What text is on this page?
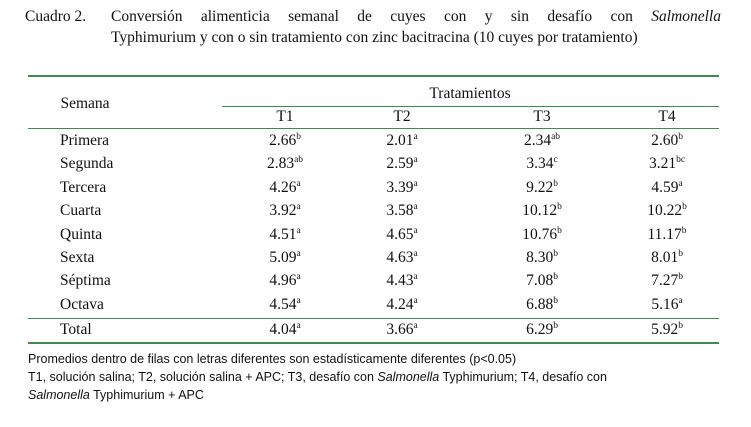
Cuadro 2. Conversión alimenticia semanal de cuyes con y sin desafío con Salmonella
Typhimurium y con o sin tratamiento con zinc bacitracina (10 cuyes por tratamiento)
Semana
Tratamientos
T1	T2	T3	T4
Primera	2.66$^b$	2.01$^a$	2.34$^{ab}$	2.60$^b$
Segunda	2.83$^{ab}$	2.59$^a$	3.34$^c$	3.21$^{bc}$
Tercera	4.26$^a$	3.39$^a$	9.22$^b$	4.59$^a$
Cuarta	3.92$^a$	3.58$^a$	10.12$^b$	10.22$^b$
Quinta	4.51$^a$	4.65$^a$	10.76$^b$	11.17$^b$
Sexta	5.09$^a$	4.63$^a$	8.30$^b$	8.01$^b$
Séptima	4.96$^a$	4.43$^a$	7.08$^b$	7.27$^b$
Octava	4.54$^a$	4.24$^a$	6.88$^b$	5.16$^a$
Total	4.04$^a$	3.66$^a$	6.29$^b$	5.92$^b$
Promedios dentro de filas con letras diferentes son estadísticamente diferentes (p<0.05)
T1, solución salina; T2, solución salina + APC; T3, desafío con Salmonella Typhimurium; T4, desafío con
Salmonella Typhimurium + APC
